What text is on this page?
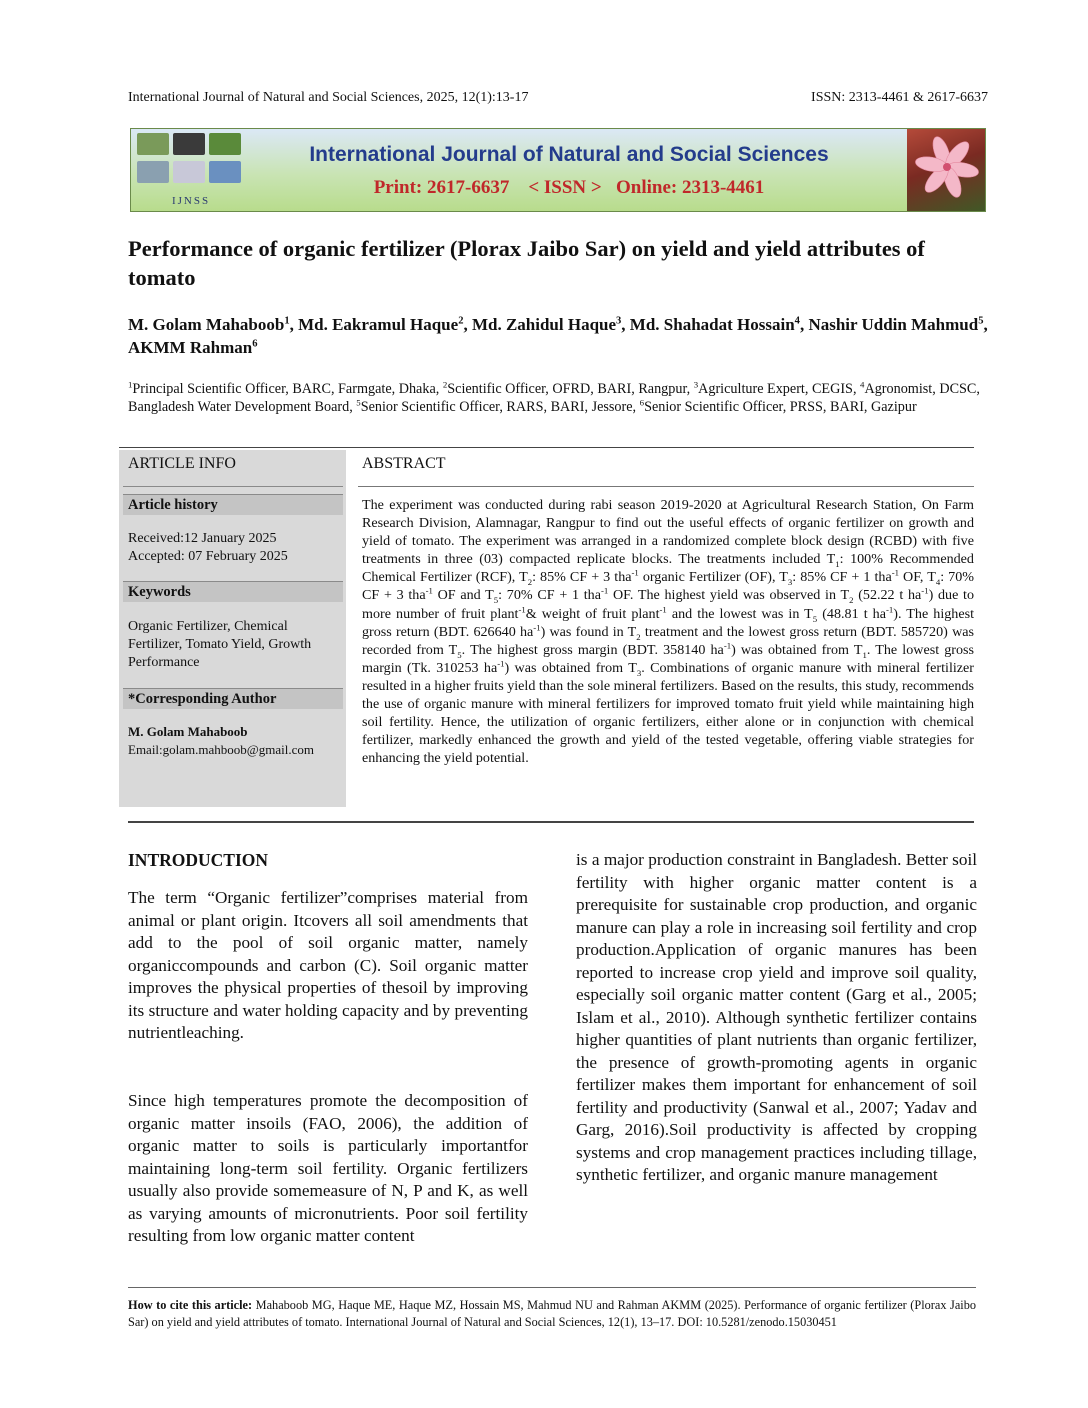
International Journal of Natural and Social Sciences, 2025, 12(1):13-17	ISSN: 2313-4461 & 2617-6637
IJNSS
International Journal of Natural and Social Sciences
Print: 2617-6637 < ISSN > Online: 2313-4461
Performance of organic fertilizer (Plorax Jaibo Sar) on yield and yield attributes of tomato
M. Golam Mahaboob$^1$, Md. Eakramul Haque$^2$, Md. Zahidul Haque$^3$, Md. Shahadat Hossain$^4$, Nashir Uddin Mahmud$^5$, AKMM Rahman$^6$
$^1$Principal Scientific Officer, BARC, Farmgate, Dhaka, $^2$Scientific Officer, OFRD, BARI, Rangpur, $^3$Agriculture Expert, CEGIS, $^4$Agronomist, DCSC, Bangladesh Water Development Board, $^5$Senior Scientific Officer, RARS, BARI, Jessore, $^6$Senior Scientific Officer, PRSS, BARI, Gazipur
ARTICLE INFO
Article history
Received:12 January 2025
Accepted: 07 February 2025
Keywords
Organic Fertilizer, Chemical Fertilizer, Tomato Yield, Growth Performance
*Corresponding Author
M. Golam Mahaboob
Email:golam.mahboob@gmail.com
ABSTRACT
The experiment was conducted during rabi season 2019-2020 at Agricultural Research Station, On Farm Research Division, Alamnagar, Rangpur to find out the useful effects of organic fertilizer on growth and yield of tomato. The experiment was arranged in a randomized complete block design (RCBD) with five treatments in three (03) compacted replicate blocks. The treatments included $T_1$: 100% Recommended Chemical Fertilizer (RCF), $T_2$: 85% CF + 3 tha$^{-1}$ organic Fertilizer (OF), $T_3$: 85% CF + 1 tha$^{-1}$ OF, $T_4$: 70% CF + 3 tha$^{-1}$ OF and $T_5$: 70% CF + 1 tha$^{-1}$ OF. The highest yield was observed in $T_2$ (52.22 t $ha^{-1}$) due to more number of fruit plant$^{-1}$& weight of fruit plant$^{-1}$ and the lowest was in $T_5$ (48.81 t $ha^{-1}$). The highest gross return (BDT. 626640 $ha^{-1}$) was found in $T_2$ treatment and the lowest gross return (BDT. 585720) was recorded from $T_5$. The highest gross margin (BDT. 358140 $ha^{-1}$) was obtained from $T_1$. The lowest gross margin (Tk. 310253 $ha^{-1}$) was obtained from $T_3$. Combinations of organic manure with mineral fertilizer resulted in a higher fruits yield than the sole mineral fertilizers. Based on the results, this study, recommends the use of organic manure with mineral fertilizers for improved tomato fruit yield while maintaining high soil fertility. Hence, the utilization of organic fertilizers, either alone or in conjunction with chemical fertilizer, markedly enhanced the growth and yield of the tested vegetable, offering viable strategies for enhancing the yield potential.
INTRODUCTION
The term “Organic fertilizer”comprises material from animal or plant origin. Itcovers all soil amendments that add to the pool of soil organic matter, namely organiccompounds and carbon (C). Soil organic matter improves the physical properties of thesoil by improving its structure and water holding capacity and by preventing nutrientleaching.
Since high temperatures promote the decomposition of organic matter insoils (FAO, 2006), the addition of organic matter to soils is particularly importantfor maintaining long-term soil fertility. Organic fertilizers usually also provide somemeasure of N, P and K, as well as varying amounts of micronutrients. Poor soil fertility resulting from low organic matter content
is a major production constraint in Bangladesh. Better soil fertility with higher organic matter content is a prerequisite for sustainable crop production, and organic manure can play a role in increasing soil fertility and crop production.Application of organic manures has been reported to increase crop yield and improve soil quality, especially soil organic matter content (Garg et al., 2005; Islam et al., 2010). Although synthetic fertilizer contains higher quantities of plant nutrients than organic fertilizer, the presence of growth-promoting agents in organic fertilizer makes them important for enhancement of soil fertility and productivity (Sanwal et al., 2007; Yadav and Garg, 2016).Soil productivity is affected by cropping systems and crop management practices including tillage, synthetic fertilizer, and organic manure management
How to cite this article: Mahaboob MG, Haque ME, Haque MZ, Hossain MS, Mahmud NU and Rahman AKMM (2025). Performance of organic fertilizer (Plorax Jaibo Sar) on yield and yield attributes of tomato. International Journal of Natural and Social Sciences, 12(1), 13–17. DOI: 10.5281/zenodo.15030451
